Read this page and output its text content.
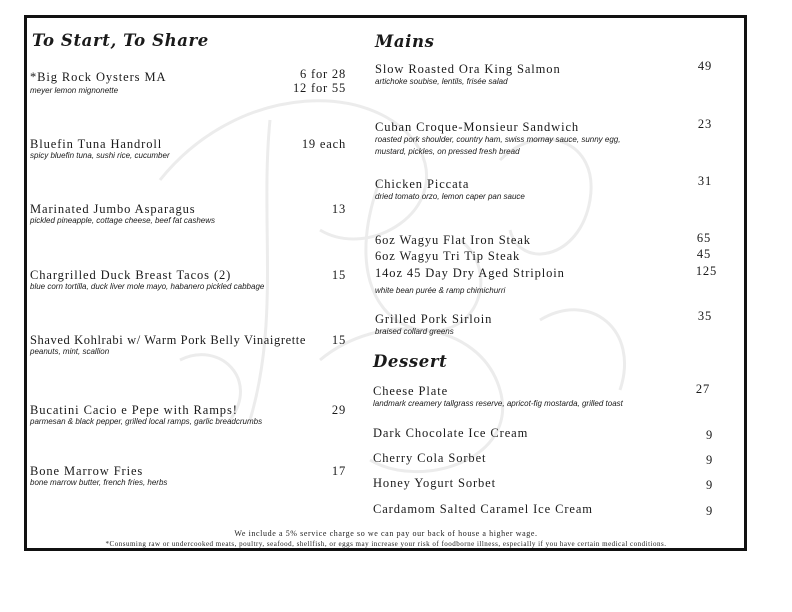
To Start, To Share
*Big Rock Oysters MA
meyer lemon mignonette
6 for 28
12 for 55
Bluefin Tuna Handroll
spicy bluefin tuna, sushi rice, cucumber
19 each
Marinated Jumbo Asparagus
pickled pineapple, cottage cheese, beef fat cashews
13
Chargrilled Duck Breast Tacos (2)
blue corn tortilla, duck liver mole mayo, habanero pickled cabbage
15
Shaved Kohlrabi w/ Warm Pork Belly Vinaigrette
peanuts, mint, scallion
15
Bucatini Cacio e Pepe with Ramps!
parmesan & black pepper, grilled local ramps, garlic breadcrumbs
29
Bone Marrow Fries
bone marrow butter, french fries, herbs
17
Mains
Slow Roasted Ora King Salmon
artichoke soubise, lentils, frisée salad
49
Cuban Croque-Monsieur Sandwich
roasted pork shoulder, country ham, swiss mornay sauce, sunny egg,
mustard, pickles, on pressed fresh bread
23
Chicken Piccata
dried tomato orzo, lemon caper pan sauce
31
6oz Wagyu Flat Iron Steak	65
6oz Wagyu Tri Tip Steak	45
14oz 45 Day Dry Aged Striploin	125
white bean purée & ramp chimichurri
Grilled Pork Sirloin
braised collard greens
35
Dessert
Cheese Plate
landmark creamery tallgrass reserve, apricot-fig mostarda, grilled toast
27
Dark Chocolate Ice Cream	9
Cherry Cola Sorbet	9
Honey Yogurt Sorbet	9
Cardamom Salted Caramel Ice Cream	9
We include a 5% service charge so we can pay our back of house a higher wage.
*Consuming raw or undercooked meats, poultry, seafood, shellfish, or eggs may increase your risk of foodborne illness, especially if you have certain medical conditions.
